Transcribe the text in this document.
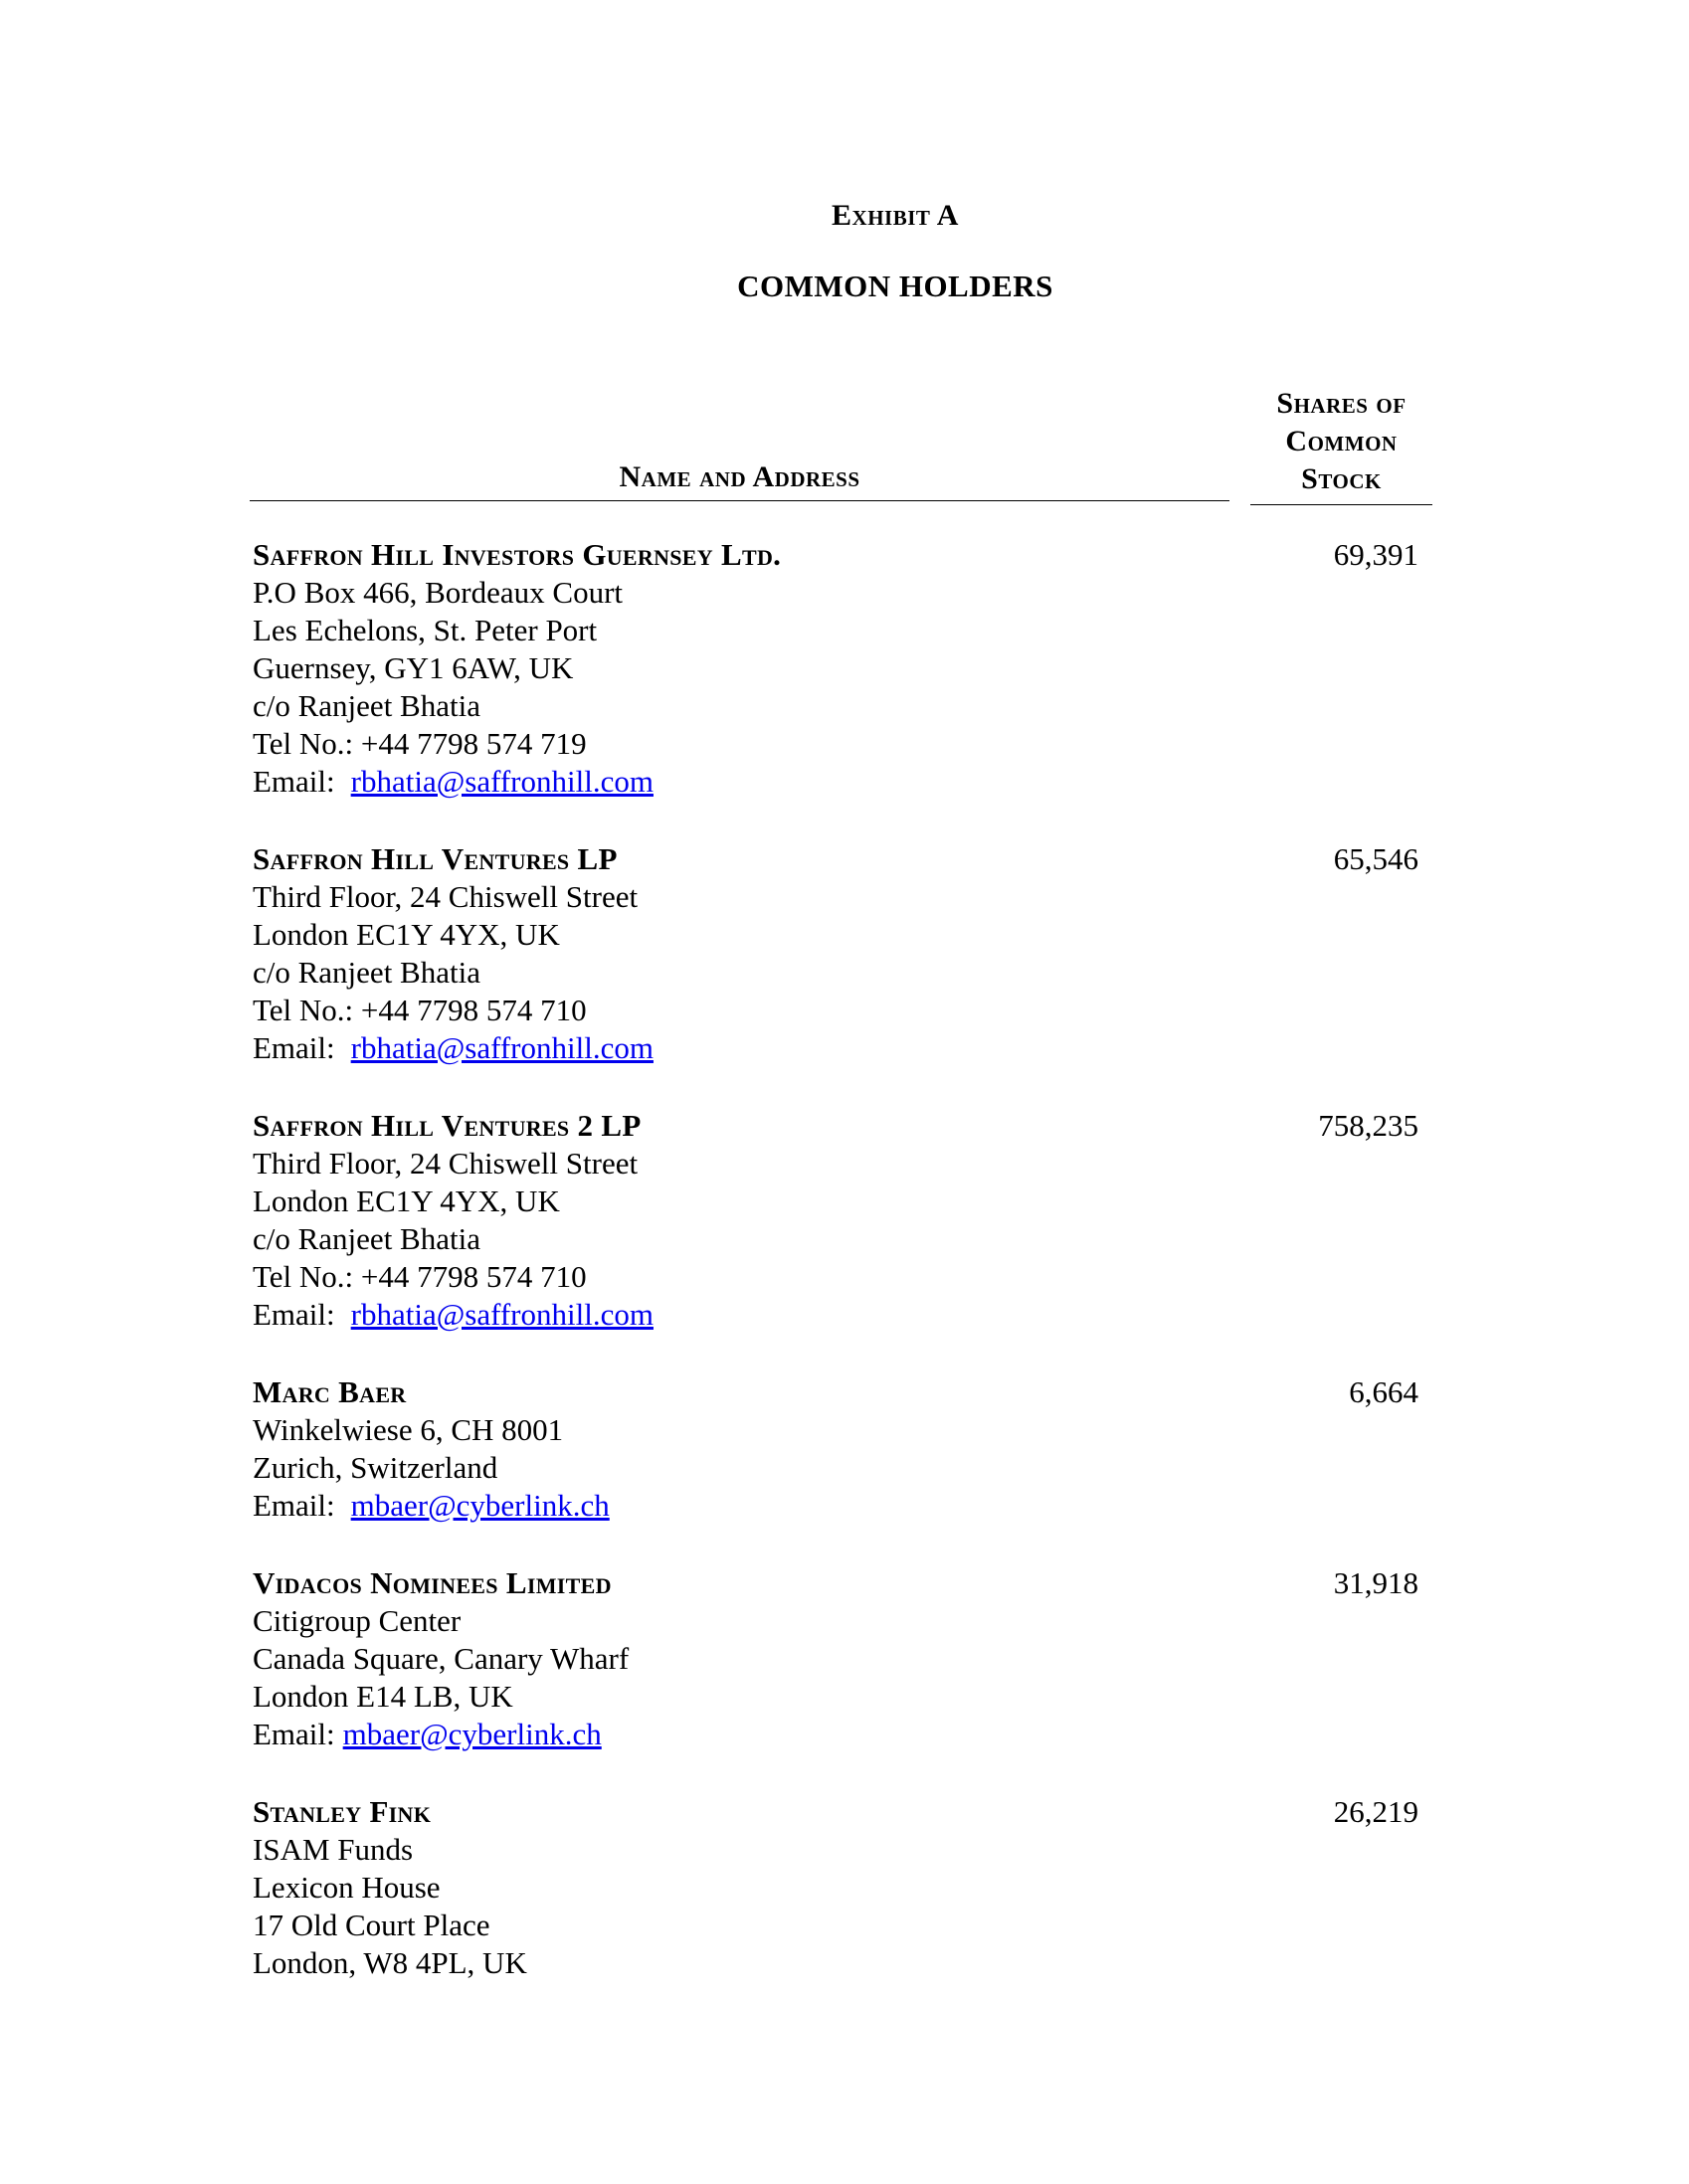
Exhibit A
COMMON HOLDERS
Name and Address
Shares of
Common
Stock
Saffron Hill Investors Guernsey Ltd.
P.O Box 466, Bordeaux Court
Les Echelons, St. Peter Port
Guernsey, GY1 6AW, UK
c/o Ranjeet Bhatia
Tel No.: +44 7798 574 719
Email: rbhatia@saffronhill.com
69,391
Saffron Hill Ventures LP
Third Floor, 24 Chiswell Street
London EC1Y 4YX, UK
c/o Ranjeet Bhatia
Tel No.: +44 7798 574 710
Email: rbhatia@saffronhill.com
65,546
Saffron Hill Ventures 2 LP
Third Floor, 24 Chiswell Street
London EC1Y 4YX, UK
c/o Ranjeet Bhatia
Tel No.: +44 7798 574 710
Email: rbhatia@saffronhill.com
758,235
Marc Baer
Winkelwiese 6, CH 8001
Zurich, Switzerland
Email: mbaer@cyberlink.ch
6,664
Vidacos Nominees Limited
Citigroup Center
Canada Square, Canary Wharf
London E14 LB, UK
Email: mbaer@cyberlink.ch
31,918
Stanley Fink
ISAM Funds
Lexicon House
17 Old Court Place
London, W8 4PL, UK
26,219
